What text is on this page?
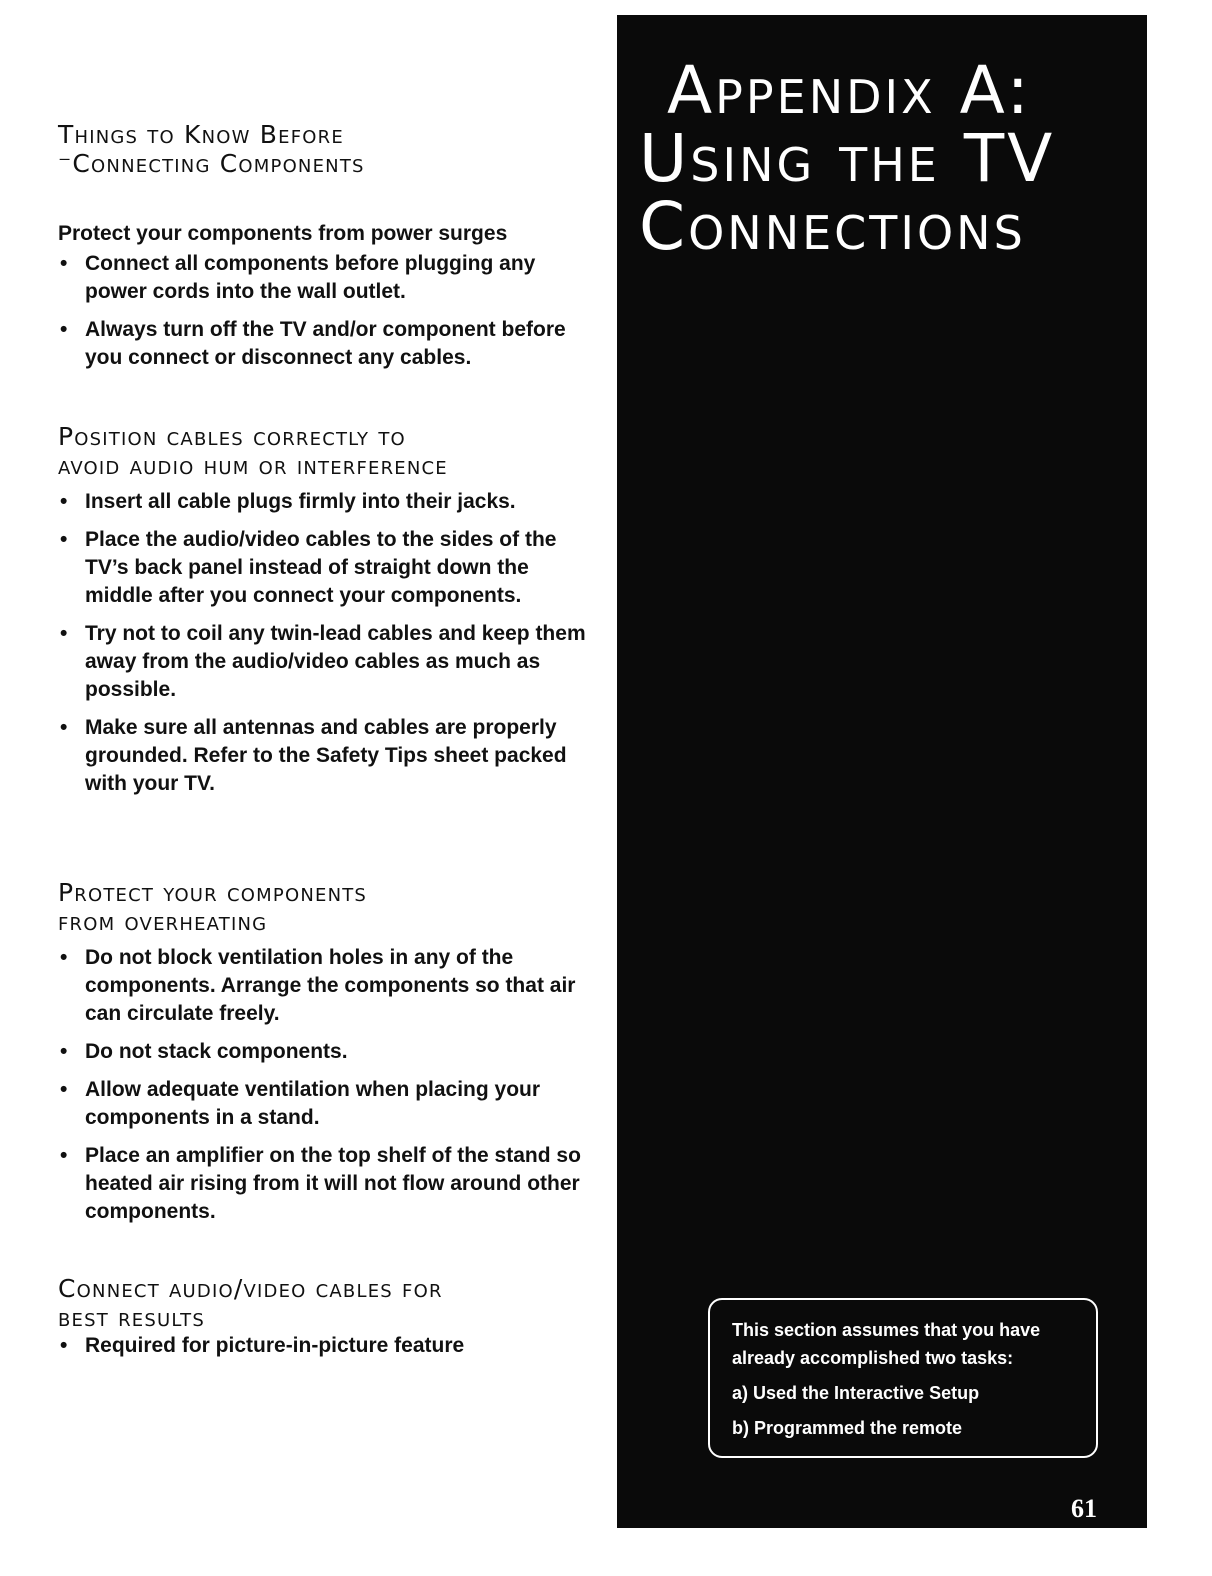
Things to Know Before

⁻Connecting Components

Protect your components from power surges

• Connect all components before plugging any power cords into the wall outlet.
• Always turn off the TV and/or component before you connect or disconnect any cables.

Position cables correctly to

avoid audio hum or interference

• Insert all cable plugs firmly into their jacks.
• Place the audio/video cables to the sides of the TV’s back panel instead of straight down the middle after you connect your components.
• Try not to coil any twin-lead cables and keep them away from the audio/video cables as much as possible.
• Make sure all antennas and cables are properly grounded. Refer to the Safety Tips sheet packed with your TV.

Protect your components

from overheating

• Do not block ventilation holes in any of the components. Arrange the components so that air can circulate freely.
• Do not stack components.
• Allow adequate ventilation when placing your components in a stand.
• Place an amplifier on the top shelf of the stand so heated air rising from it will not flow around other components.

Connect audio/video cables for

best results

• Required for picture-in-picture feature
Appendix A:
Using the TV
Connections

This section assumes that you have

already accomplished two tasks:

a) Used the Interactive Setup

b) Programmed the remote

61
